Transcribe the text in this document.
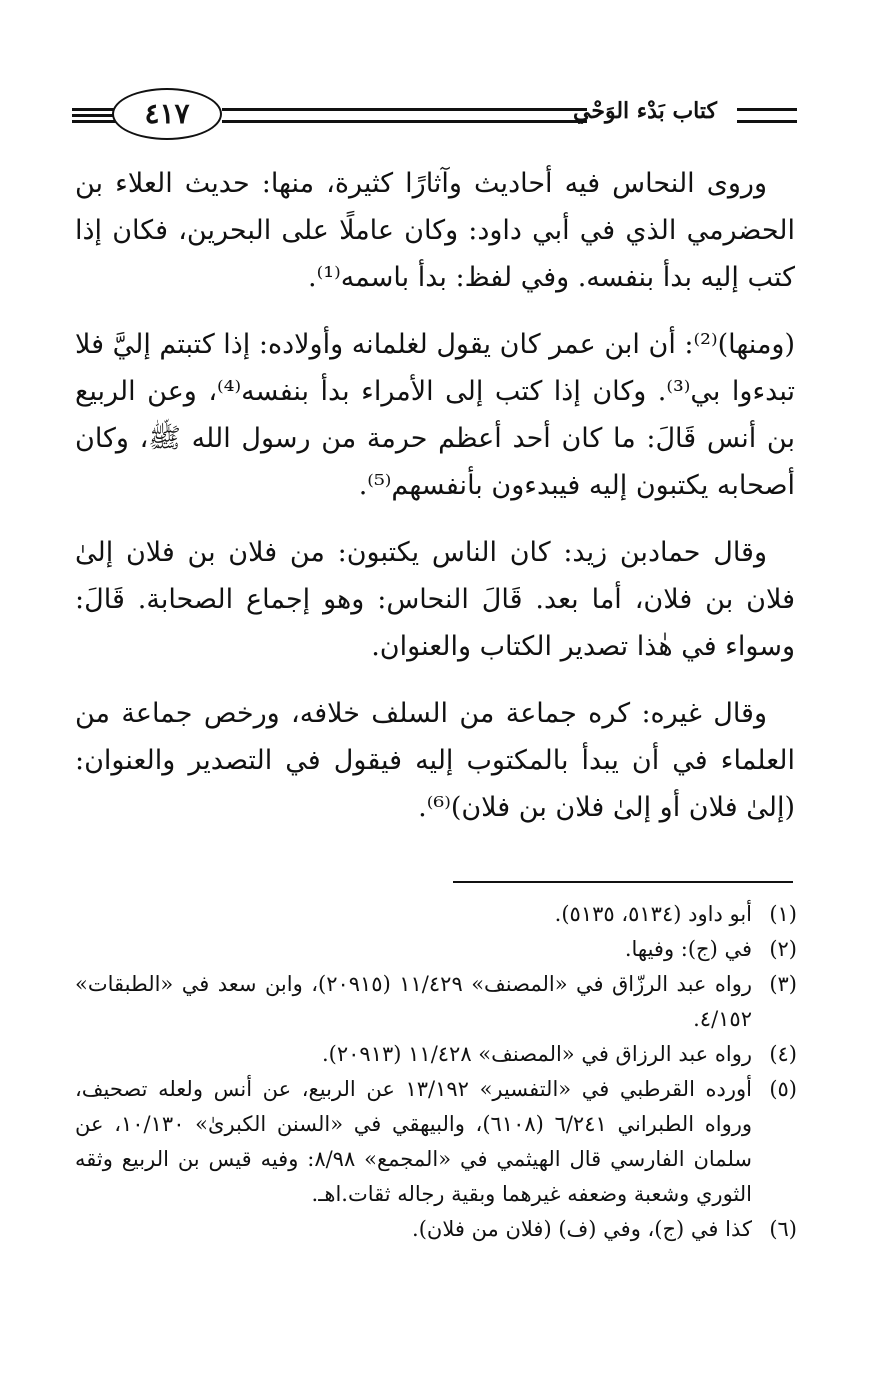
٤١٧	كتاب بَدْء الوَحْي

وروى النحاس فيه أحاديث وآثارًا كثيرة، منها: حديث العلاء بن الحضرمي الذي في أبي داود: وكان عاملًا على البحرين، فكان إذا كتب إليه بدأ بنفسه. وفي لفظ: بدأ باسمه⁽¹⁾.

(ومنها)⁽²⁾: أن ابن عمر كان يقول لغلمانه وأولاده: إذا كتبتم إليَّ فلا تبدءوا بي⁽³⁾. وكان إذا كتب إلى الأمراء بدأ بنفسه⁽⁴⁾، وعن الربيع بن أنس قَالَ: ما كان أحد أعظم حرمة من رسول الله ﷺ، وكان أصحابه يكتبون إليه فيبدءون بأنفسهم⁽⁵⁾.

وقال حمادبن زيد: كان الناس يكتبون: من فلان بن فلان إلىٰ فلان بن فلان، أما بعد. قَالَ النحاس: وهو إجماع الصحابة. قَالَ: وسواء في هٰذا تصدير الكتاب والعنوان.

وقال غيره: كره جماعة من السلف خلافه، ورخص جماعة من العلماء في أن يبدأ بالمكتوب إليه فيقول في التصدير والعنوان: (إلىٰ فلان أو إلىٰ فلان بن فلان)⁽⁶⁾.

(١)
أبو داود (٥١٣٤، ٥١٣٥).
(٢)
في (ج): وفيها.
(٣)
رواه عبد الرزّاق في «المصنف» ١١/٤٢٩ (٢٠٩١٥)، وابن سعد في «الطبقات» ٤/١٥٢.
(٤)
رواه عبد الرزاق في «المصنف» ١١/٤٢٨ (٢٠٩١٣).
(٥)
أورده القرطبي في «التفسير» ١٣/١٩٢ عن الربيع، عن أنس ولعله تصحيف، ورواه الطبراني ٦/٢٤١ (٦١٠٨)، والبيهقي في «السنن الكبرىٰ» ١٠/١٣٠، عن سلمان الفارسي قال الهيثمي في «المجمع» ٨/٩٨: وفيه قيس بن الربيع وثقه الثوري وشعبة وضعفه غيرهما وبقية رجاله ثقات.اهـ.
(٦)
كذا في (ج)، وفي (ف) (فلان من فلان).
